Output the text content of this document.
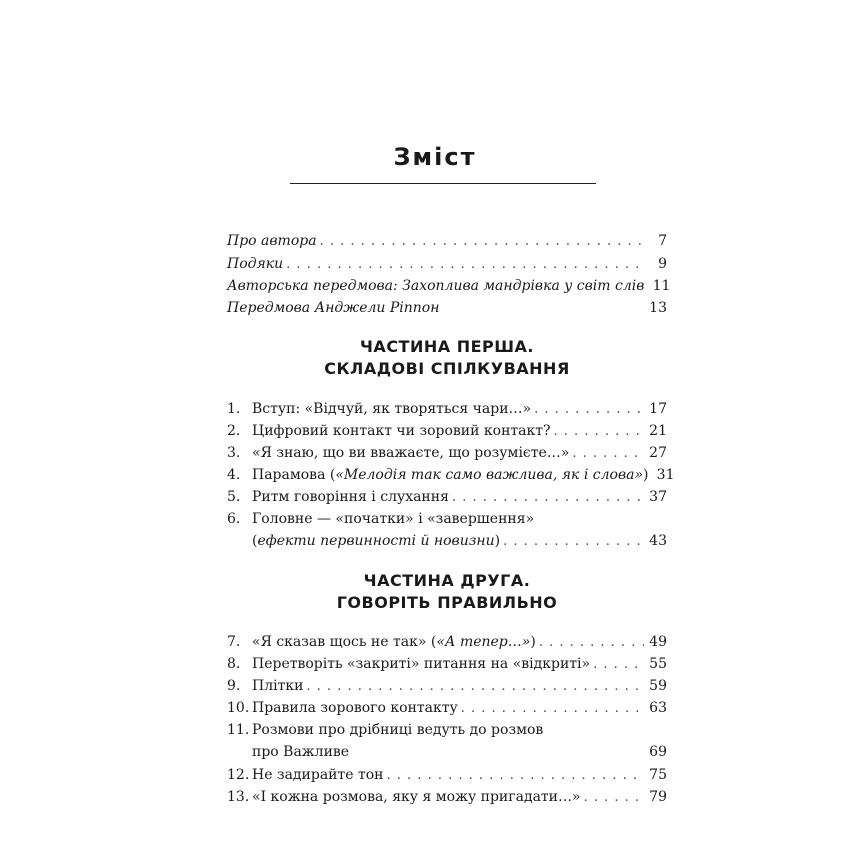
Зміст
Про автора . . .	7
Подяки . . .	9
Авторська передмова: Захоплива мандрівка у світ слів 11
Передмова Анджели Ріппон	13
ЧАСТИНА ПЕРША.
СКЛАДОВІ СПІЛКУВАННЯ
1. Вступ: «Відчуй, як творяться чари…» . . .	17
2. Цифровий контакт чи зоровий контакт? . . .	21
3. «Я знаю, що ви вважаєте, що розумієте…» . . .	27
4. Парамова («Мелодія так само важлива, як і слова») 31
5. Ритм говоріння і слухання . . .	37
6. Головне — «початки» і «завершення»
(ефекти первинності й новизни) . . .	43
ЧАСТИНА ДРУГА.
ГОВОРІТЬ ПРАВИЛЬНО
7. «Я сказав щось не так» («А тепер…») . . .	49
8. Перетворіть «закриті» питання на «відкриті» . . .	55
9. Плітки . . .	59
10. Правила зорового контакту . . .	63
11. Розмови про дрібниці ведуть до розмов
про Важливе	69
12. Не задирайте тон . . .	75
13. «І кожна розмова, яку я можу пригадати…» . . .	79
